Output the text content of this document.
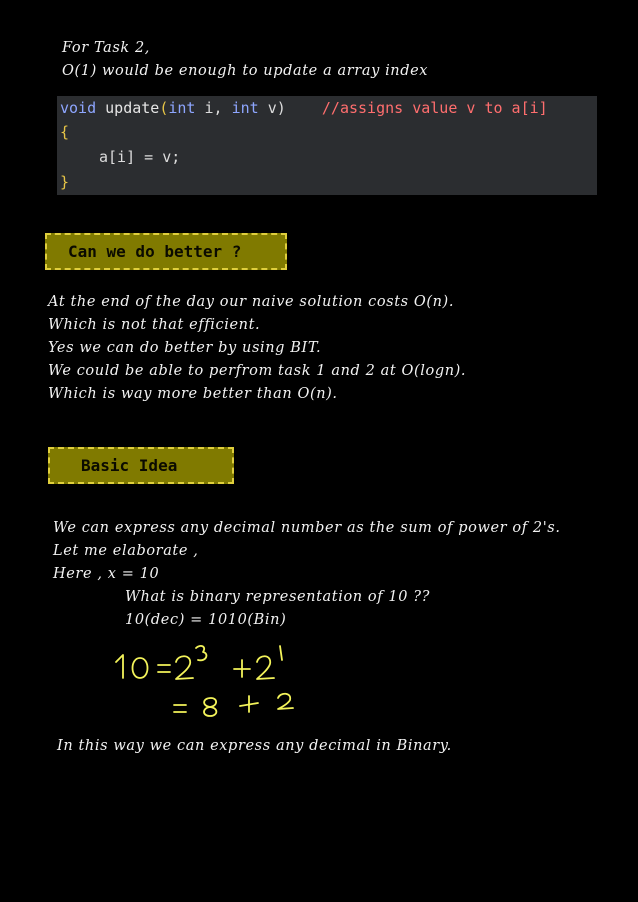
For Task 2,
O(1) would be enough to update a array index
void update(int i, int v) //assigns value v to a[i]
{
a[i] = v;
}
Can we do better ?
At the end of the day our naive solution costs O(n).
Which is not that efficient.
Yes we can do better by using BIT.
We could be able to perfrom task 1 and 2 at O(logn).
Which is way more better than O(n).
Basic Idea
We can express any decimal number as the sum of power of 2's.
Let me elaborate ,
Here , x = 10
What is binary representation of 10 ??
10(dec) = 1010(Bin)
In this way we can express any decimal in Binary.
